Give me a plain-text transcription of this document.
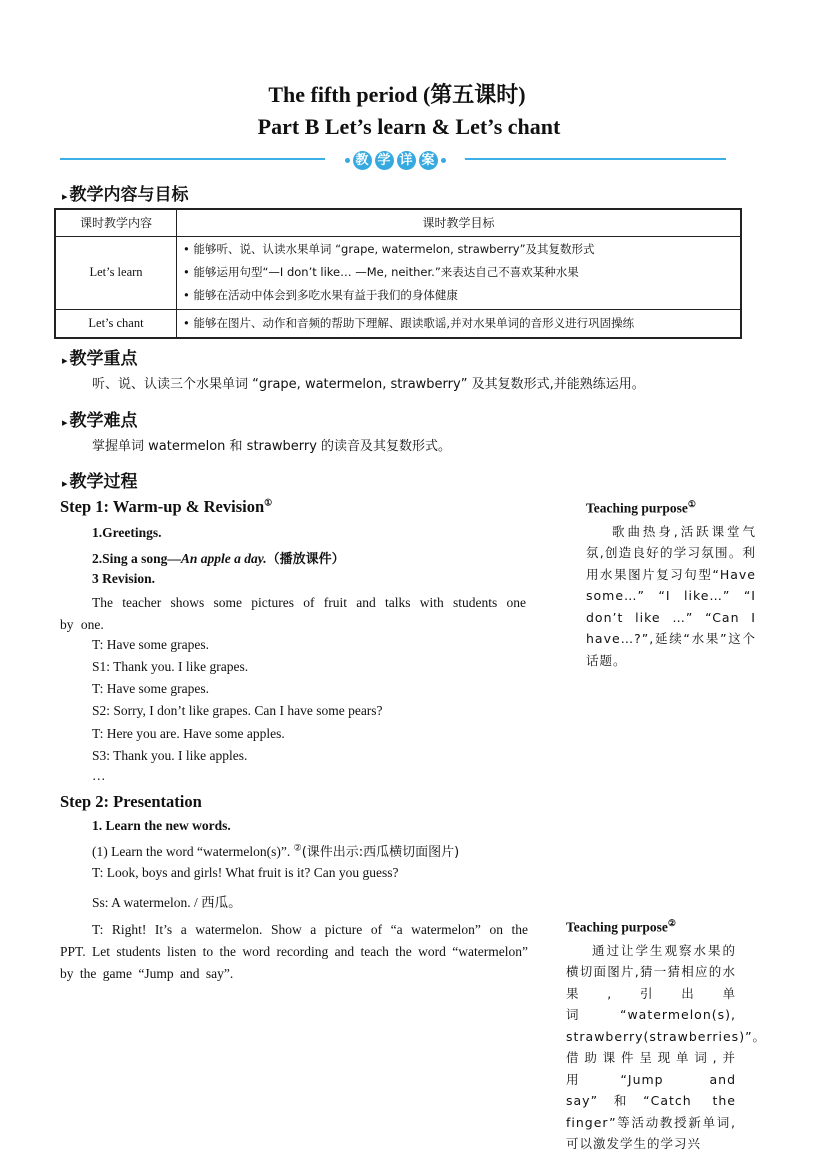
The fifth period (第五课时)
Part B Let’s learn & Let’s chant
教 学 详 案
▸ 教学内容与目标
课时教学内容	课时教学目标
Let’s learn	• 能够听、说、认读水果单词 “grape, watermelon, strawberry”及其复数形式
• 能够运用句型“—I don’t like… —Me, neither.”来表达自己不喜欢某种水果
• 能够在活动中体会到多吃水果有益于我们的身体健康

Let’s chant	• 能够在图片、动作和音频的帮助下理解、跟读歌谣,并对水果单词的音形义进行巩固操练
▸ 教学重点
听、说、认读三个水果单词 “grape, watermelon, strawberry” 及其复数形式,并能熟练运用。
▸ 教学难点
掌握单词 watermelon 和 strawberry 的读音及其复数形式。
▸ 教学过程
Step 1: Warm-up & Revision①
1.Greetings.
2.Sing a song—An apple a day.（播放课件）
3 Revision.
The teacher shows some pictures of fruit and talks with students one by one.
T: Have some grapes.
S1: Thank you. I like grapes.
T: Have some grapes.
S2: Sorry, I don’t like grapes. Can I have some pears?
T: Here you are. Have some apples.
S3: Thank you. I like apples.
…
Step 2: Presentation
1. Learn the new words.
(1) Learn the word “watermelon(s)”. ②(课件出示:西瓜横切面图片)
T: Look, boys and girls! What fruit is it? Can you guess?
Ss: A watermelon. / 西瓜。
T: Right! It’s a watermelon. Show a picture of “a watermelon” on the PPT. Let students listen to the word recording and teach the word “watermelon” by the game “Jump and say”.
Teaching purpose①
歌曲热身,活跃课堂气氛,创造良好的学习氛围。利用水果图片复习句型“Have some…” “I like…” “I don’t like …” “Can I have…?”,延续“水果”这个话题。
Teaching purpose②
通过让学生观察水果的横切面图片,猜一猜相应的水果,引出单词“watermelon(s), strawberry(strawberries)”。借助课件呈现单词,并用“Jump and say”和“Catch the finger”等活动教授新单词,可以激发学生的学习兴
